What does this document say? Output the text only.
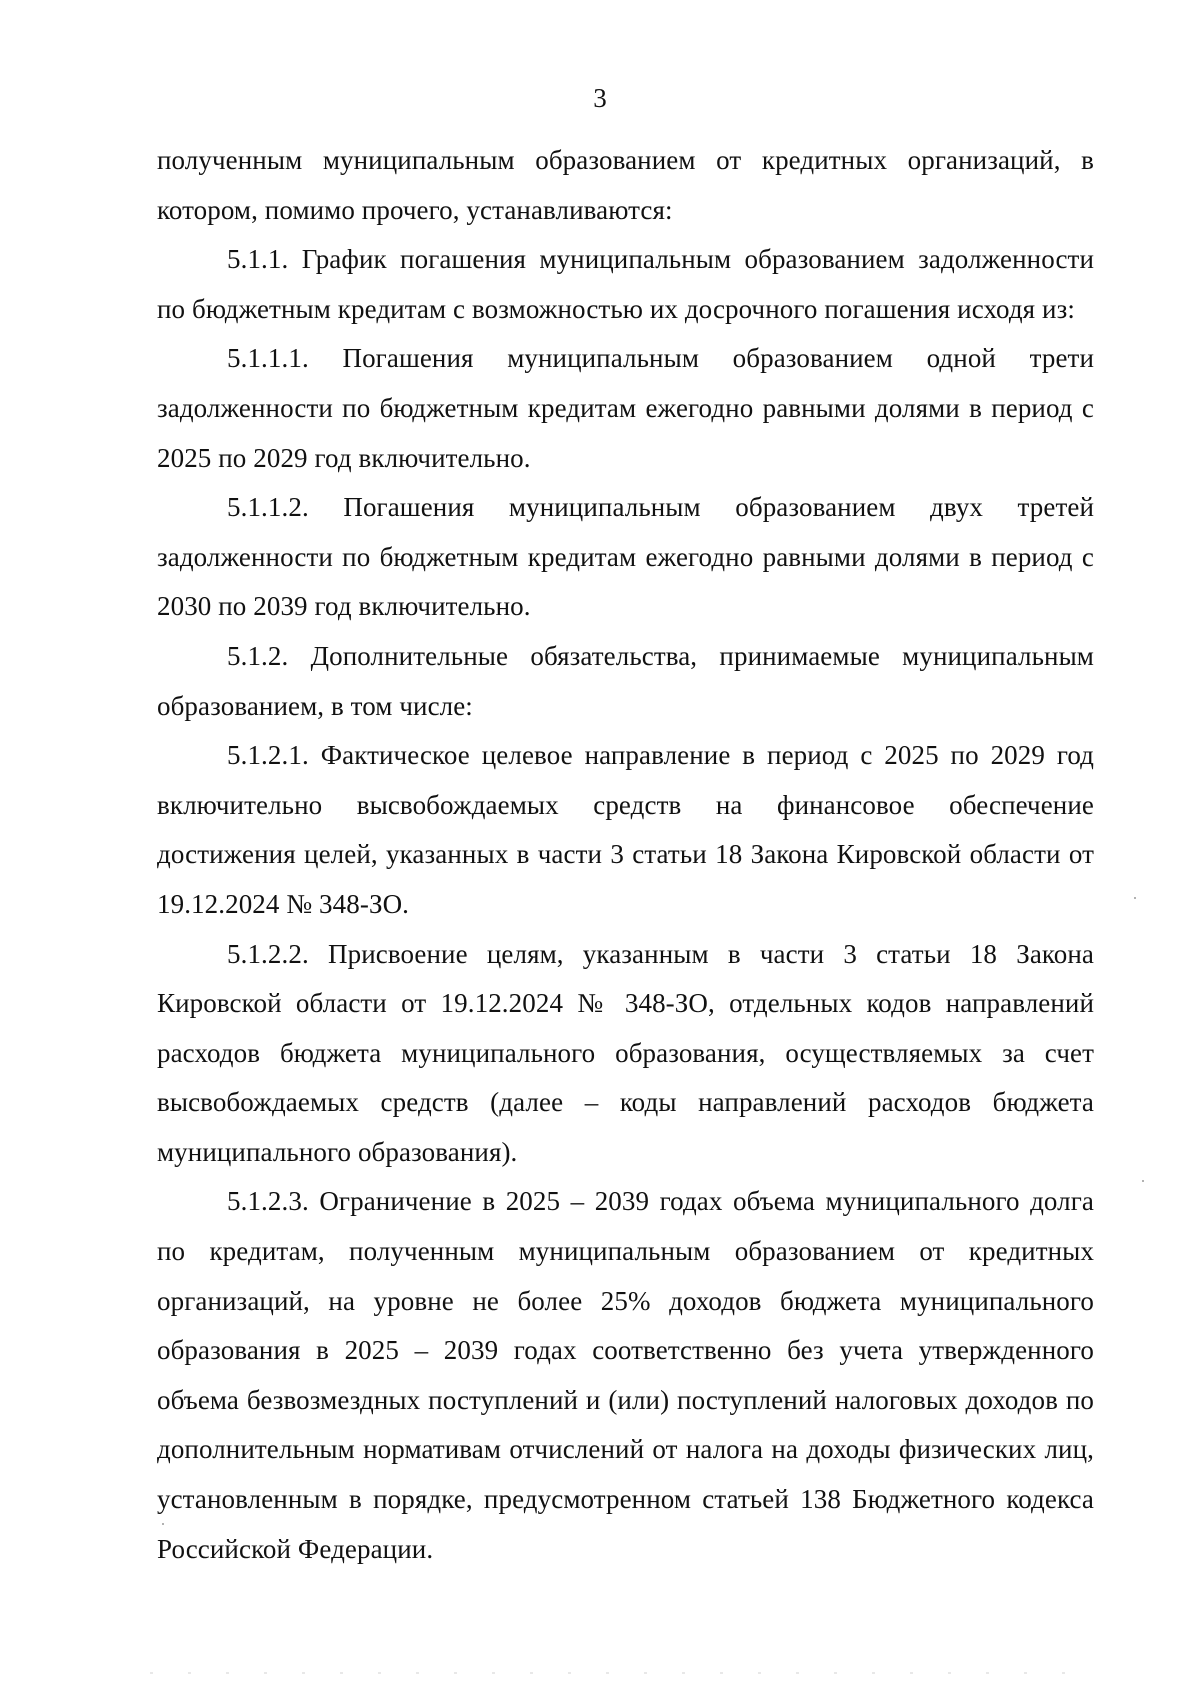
3

полученным муниципальным образованием от кредитных организаций, в котором, помимо прочего, устанавливаются:

5.1.1. График погашения муниципальным образованием задолженности по бюджетным кредитам с возможностью их досрочного погашения исходя из:

5.1.1.1. Погашения муниципальным образованием одной трети задолженности по бюджетным кредитам ежегодно равными долями в период с 2025 по 2029 год включительно.

5.1.1.2. Погашения муниципальным образованием двух третей задолженности по бюджетным кредитам ежегодно равными долями в период с 2030 по 2039 год включительно.

5.1.2. Дополнительные обязательства, принимаемые муниципальным образованием, в том числе:

5.1.2.1. Фактическое целевое направление в период с 2025 по 2029 год включительно высвобождаемых средств на финансовое обеспечение достижения целей, указанных в части 3 статьи 18 Закона Кировской области от 19.12.2024 № 348-ЗО.

5.1.2.2. Присвоение целям, указанным в части 3 статьи 18 Закона Кировской области от 19.12.2024 № 348-ЗО, отдельных кодов направлений расходов бюджета муниципального образования, осуществляемых за счет высвобождаемых средств (далее – коды направлений расходов бюджета муниципального образования).

5.1.2.3. Ограничение в 2025 – 2039 годах объема муниципального долга по кредитам, полученным муниципальным образованием от кредитных организаций, на уровне не более 25% доходов бюджета муниципального образования в 2025 – 2039 годах соответственно без учета утвержденного объема безвозмездных поступлений и (или) поступлений налоговых доходов по дополнительным нормативам отчислений от налога на доходы физических лиц, установленным в порядке, предусмотренном статьей 138 Бюджетного кодекса Российской Федерации.
